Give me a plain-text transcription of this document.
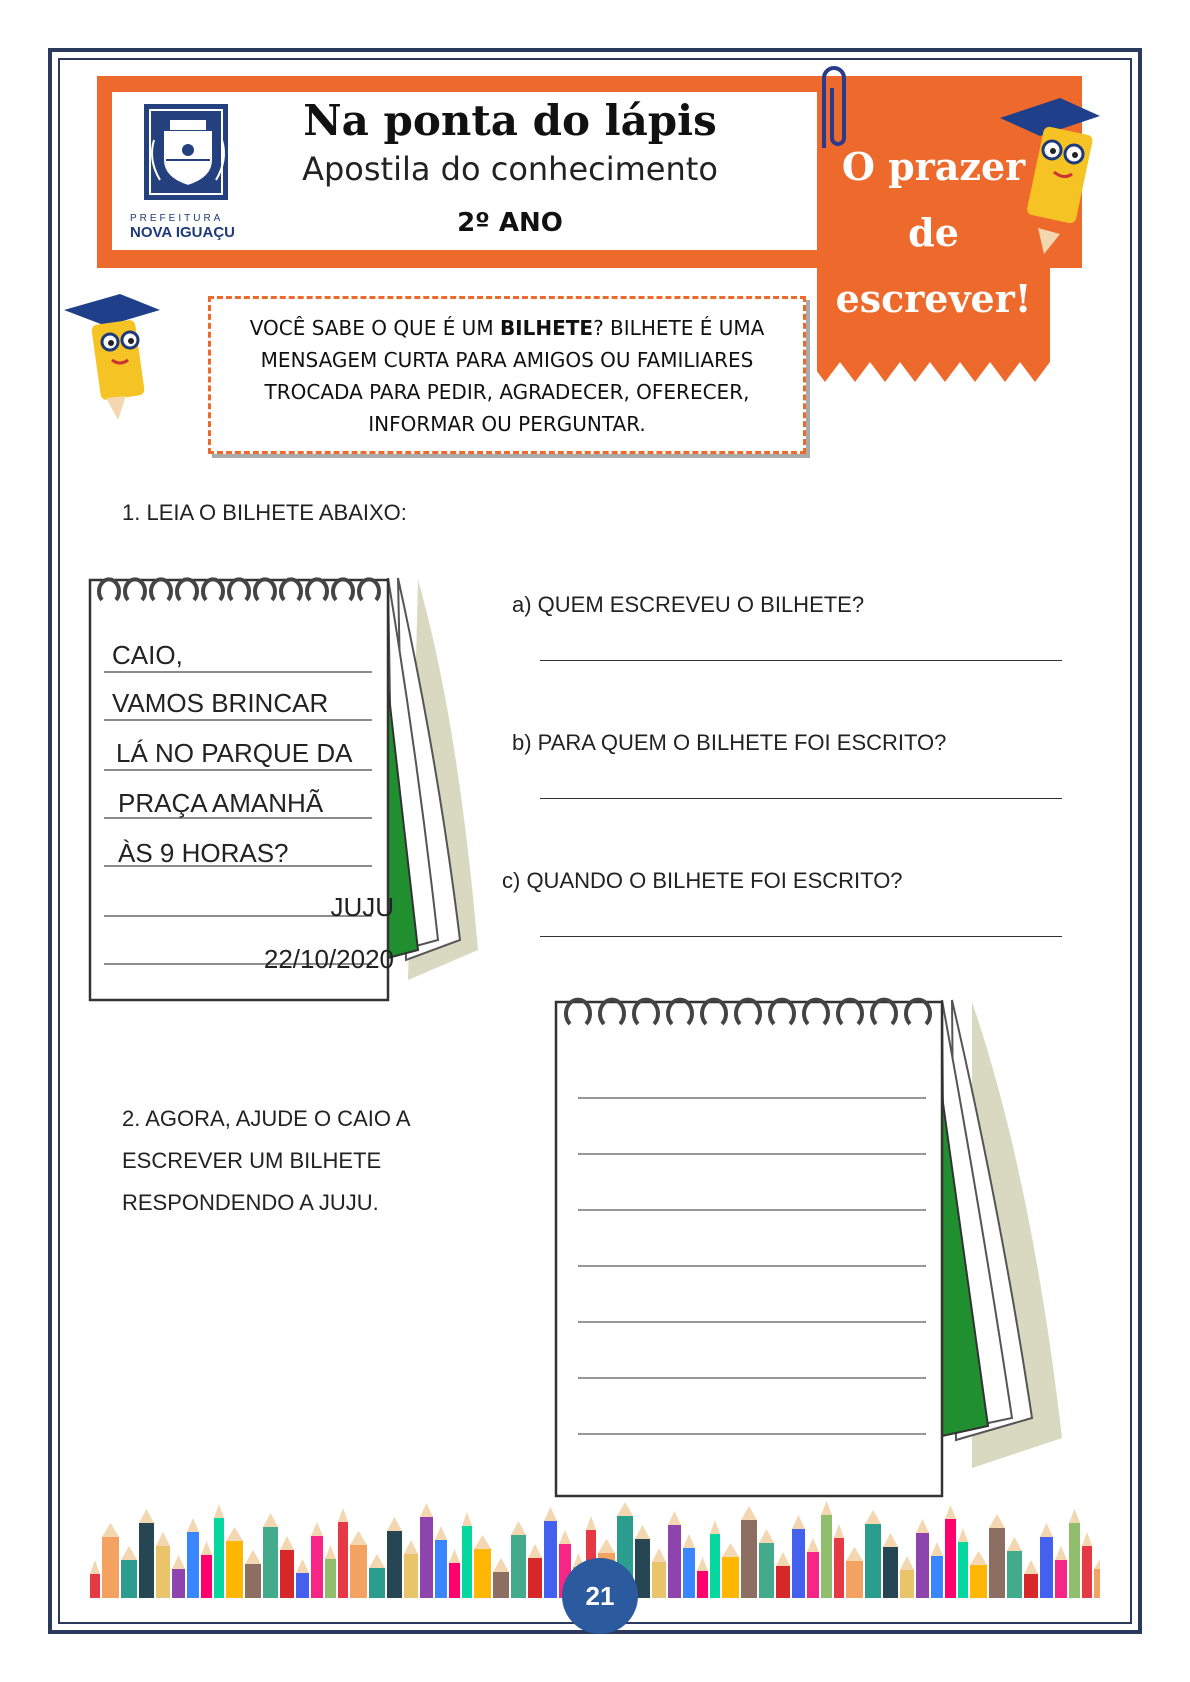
PREFEITURA
NOVA IGUAÇU
Na ponta do lápis
Apostila do conhecimento
2º ANO
O prazer
de
escrever!
VOCÊ SABE O QUE É UM BILHETE? BILHETE É UMA MENSAGEM CURTA PARA AMIGOS OU FAMILIARES TROCADA PARA PEDIR, AGRADECER, OFERECER, INFORMAR OU PERGUNTAR.
1. LEIA O BILHETE ABAIXO:
CAIO,
VAMOS BRINCAR
LÁ NO PARQUE DA
PRAÇA AMANHÃ
ÀS 9 HORAS?
JUJU
22/10/2020
a) QUEM ESCREVEU O BILHETE?
b) PARA QUEM O BILHETE FOI ESCRITO?
c) QUANDO O BILHETE FOI ESCRITO?
2. AGORA, AJUDE O CAIO A ESCREVER UM BILHETE RESPONDENDO A JUJU.
21
